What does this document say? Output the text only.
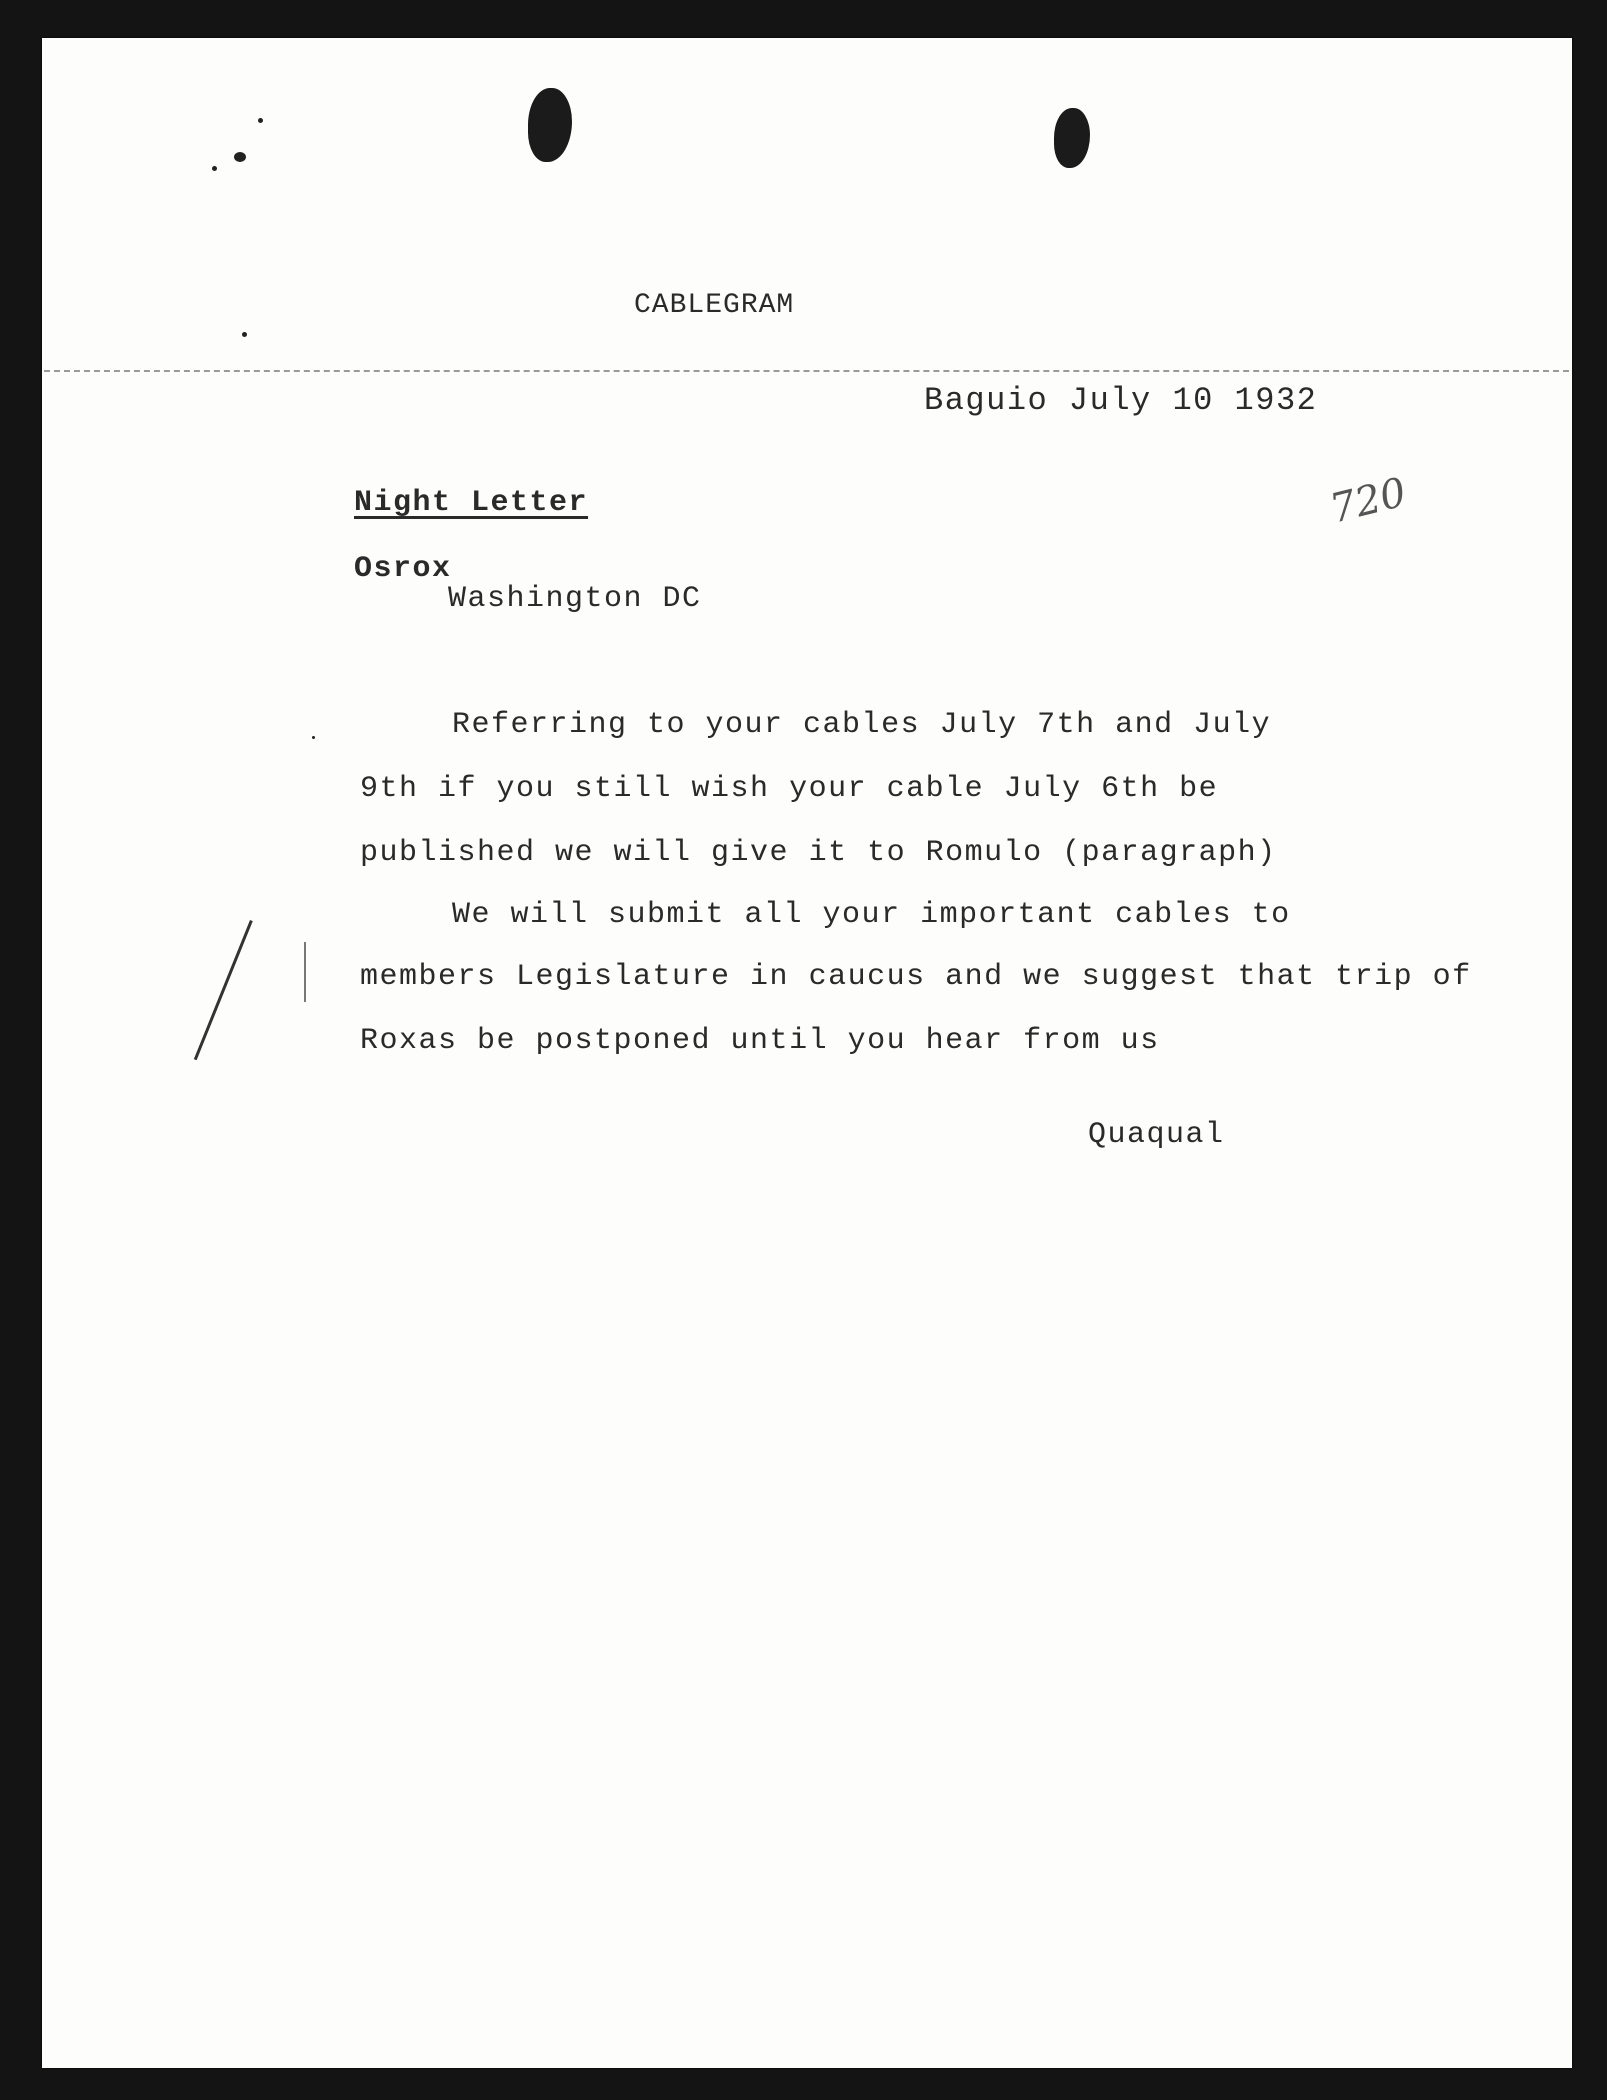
CABLEGRAM

Baguio July 10 1932

720

Night Letter

Osrox

Washington DC

Referring to your cables July 7th and July

9th if you still wish your cable July 6th be

published we will give it to Romulo (paragraph)

We will submit all your important cables to

members Legislature in caucus and we suggest that trip of

Roxas be postponed until you hear from us

Quaqual
